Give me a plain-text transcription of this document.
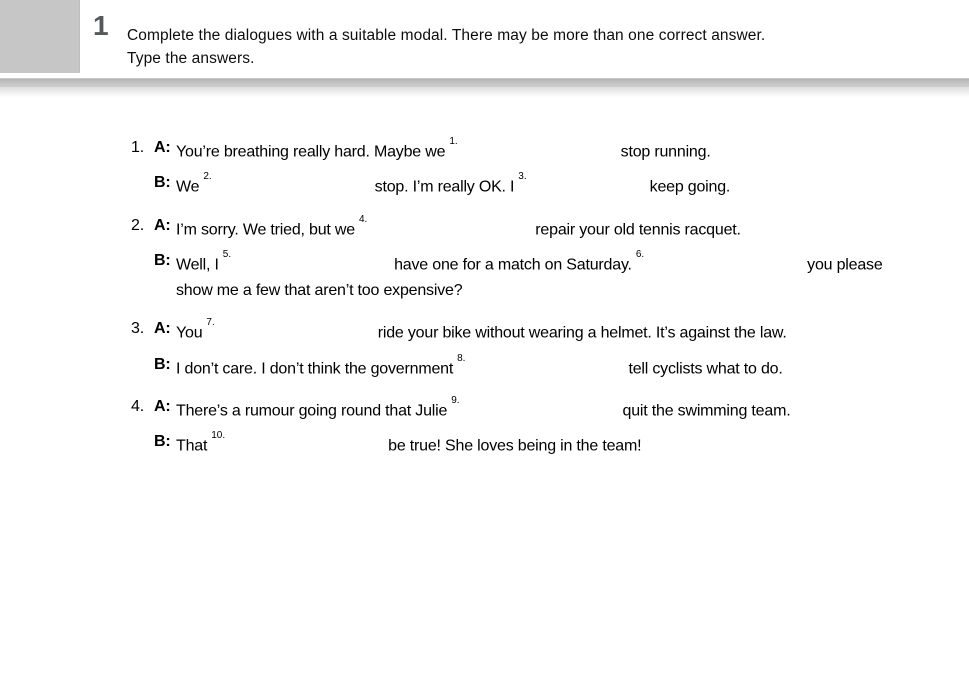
1 Complete the dialogues with a suitable modal. There may be more than one correct answer.
Type the answers.
1. A: You’re breathing really hard. Maybe $we^{1.}stop$ running.
B: $We^{2.}stop$. I’m really OK. $I^{3.}keep$ going.
2. A: I’m sorry. We tried, but $we^{4.}repair$ your old tennis racquet.
B: Well, $I^{5.}have$ one for a match on Saturday.$^{6.}$you please
show me a few that aren’t too expensive?
3. A: You$^{7.}$ride your bike without wearing a helmet. It’s against the law.
B: I don’t care. I don’t think the government$^{8.}$tell cyclists what to do.
4. A: There’s a rumour going round that Julie$^{9.}$quit the swimming team.
B: That$^{10.}$be true! She loves being in the team!
